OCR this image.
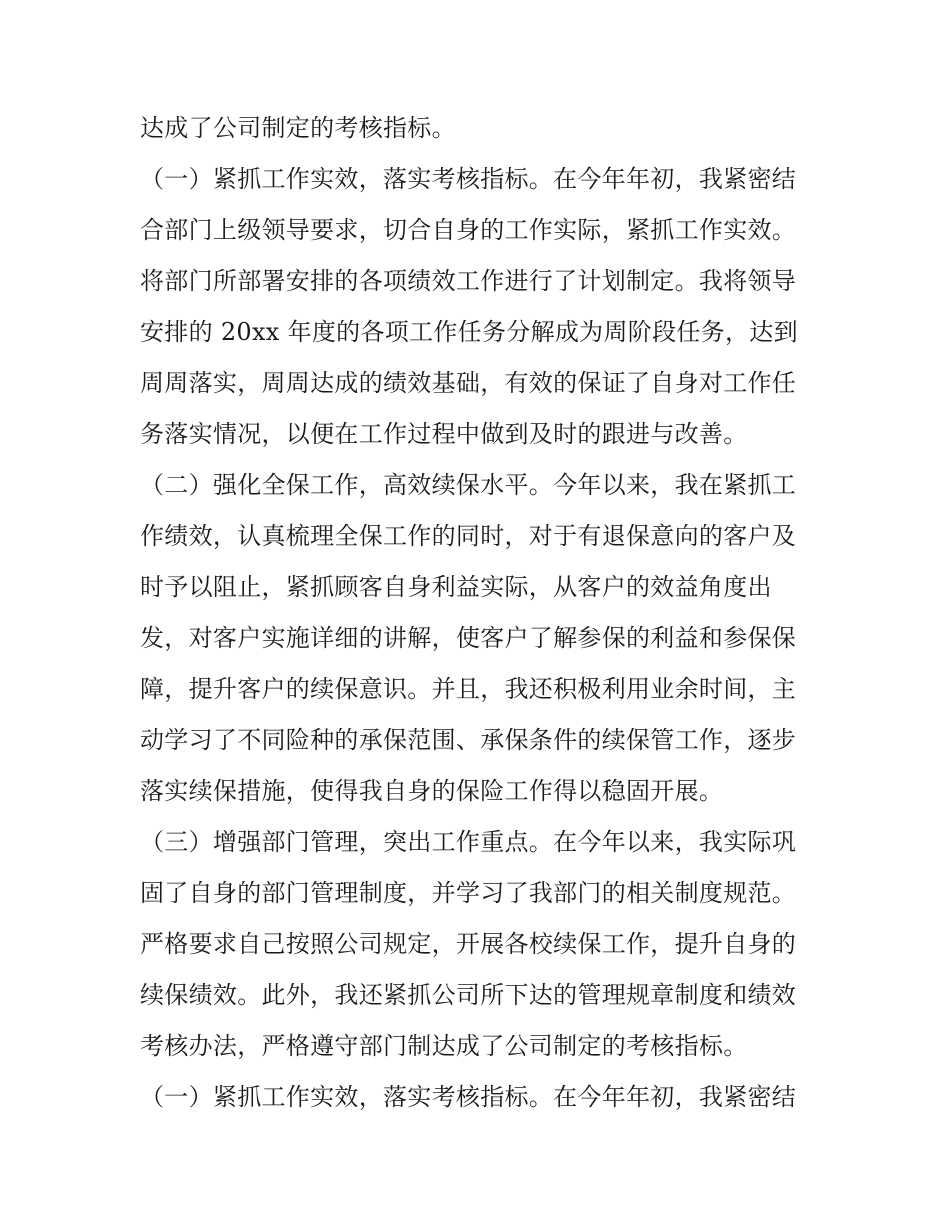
达成了公司制定的考核指标。
（一）紧抓工作实效，落实考核指标。在今年年初，我紧密结
合部门上级领导要求，切合自身的工作实际，紧抓工作实效。
将部门所部署安排的各项绩效工作进行了计划制定。我将领导
安排的 20xx 年度的各项工作任务分解成为周阶段任务，达到
周周落实，周周达成的绩效基础，有效的保证了自身对工作任
务落实情况，以便在工作过程中做到及时的跟进与改善。
（二）强化全保工作，高效续保水平。今年以来，我在紧抓工
作绩效，认真梳理全保工作的同时，对于有退保意向的客户及
时予以阻止，紧抓顾客自身利益实际，从客户的效益角度出
发，对客户实施详细的讲解，使客户了解参保的利益和参保保
障，提升客户的续保意识。并且，我还积极利用业余时间，主
动学习了不同险种的承保范围、承保条件的续保管工作，逐步
落实续保措施，使得我自身的保险工作得以稳固开展。
（三）增强部门管理，突出工作重点。在今年以来，我实际巩
固了自身的部门管理制度，并学习了我部门的相关制度规范。
严格要求自己按照公司规定，开展各校续保工作，提升自身的
续保绩效。此外，我还紧抓公司所下达的管理规章制度和绩效
考核办法，严格遵守部门制达成了公司制定的考核指标。
（一）紧抓工作实效，落实考核指标。在今年年初，我紧密结
